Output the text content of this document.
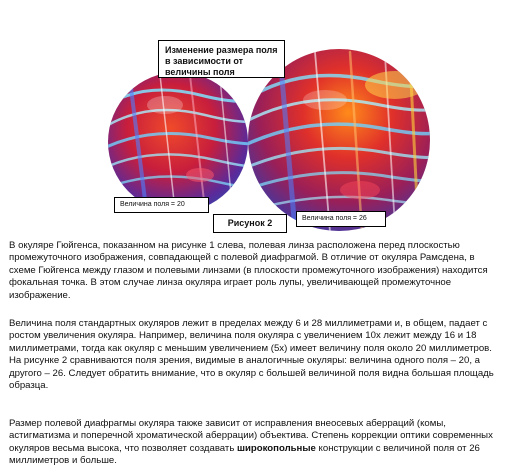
Изменение размера поля в зависимости от величины поля
Величина поля = 20
Рисунок 2	Величина поля = 26

В окуляре Гюйгенса, показанном на рисунке 1 слева, полевая линза расположена перед плоскостью промежуточного изображения, совпадающей с полевой диафрагмой. В отличие от окуляра Рамсдена, в схеме Гюйгенса между глазом и полевыми линзами (в плоскости промежуточного изображения) находится фокальная точка. В этом случае линза окуляра играет роль лупы, увеличивающей промежуточное изображение.

Величина поля стандартных окуляров лежит в пределах между 6 и 28 миллиметрами и, в общем, падает с ростом увеличения окуляра. Например, величина поля окуляра с увеличением 10х лежит между 16 и 18 миллиметрами, тогда как окуляр с меньшим увеличением (5х) имеет величину поля около 20 миллиметров. На рисунке 2 сравниваются поля зрения, видимые в аналогичные окуляры: величина одного поля – 20, а другого – 26. Следует обратить внимание, что в окуляр с большей величиной поля видна большая площадь образца.

Размер полевой диафрагмы окуляра также зависит от исправления внеосевых аберраций (комы, астигматизма и поперечной хроматической аберрации) объектива. Степень коррекции оптики современных окуляров весьма высока, что позволяет создавать широкопольные конструкции с величиной поля от 26 миллиметров и больше.
